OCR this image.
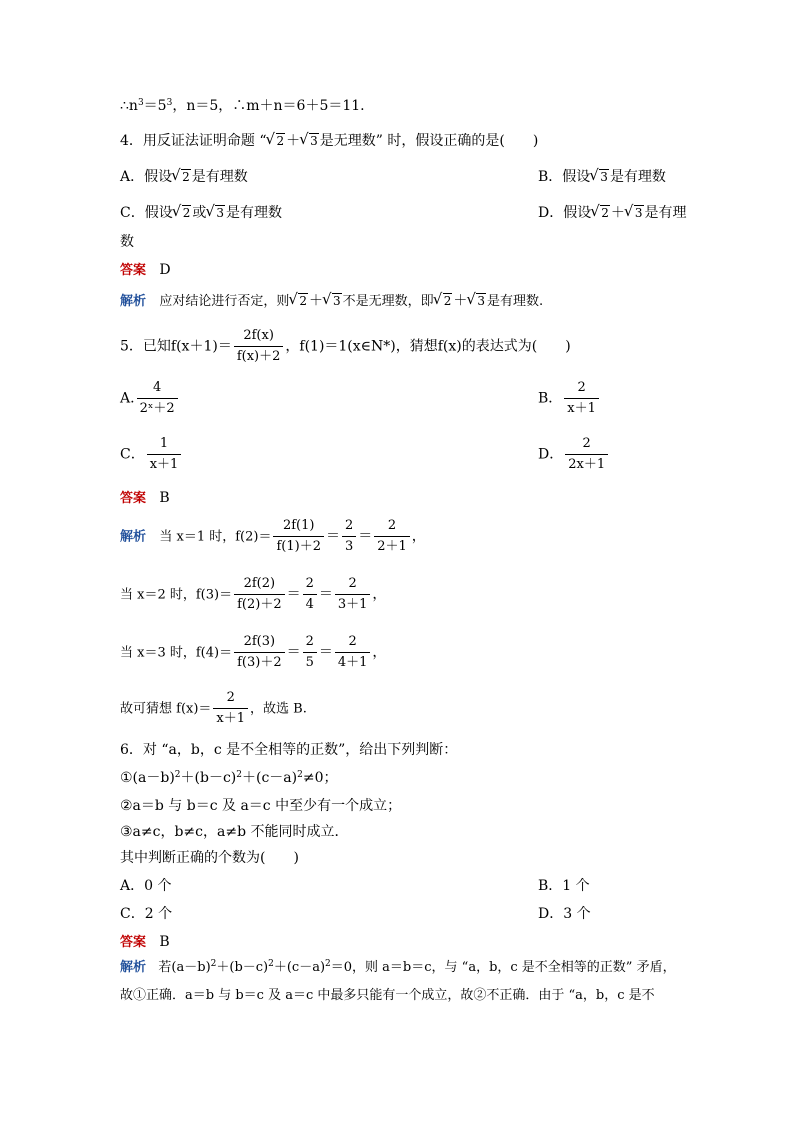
$\therefore n^3=5^3$，n＝5，∴m＋n＝6＋5＝11.
4．用反证法证明命题 “ √ 2 ＋ √ 3 是无理数” 时，假设正确的是(　　)
A．假设 √ 2 是有理数	B．假设 √ 3 是有理数
C．假设 √ 2 或 √ 3 是有理数	D．假设 √ 2 ＋ √ 3 是有理
数
答案 D
解析 应对结论进行否定，则 √ 2 ＋ √ 3 不是无理数，即 √ 2 ＋ √ 3 是有理数.
5．已知$f(x+1)= \frac{2f(x)}{f(x)+2}$ ，f(1)＝1(x∈N*)，猜想f(x)的表达式为(　　)
A. $\frac{4}{\text{2ˣ＋2}}$	B． $\frac{2}{x+1}$
C． $\frac{1}{x+1}$	D． $\frac{2}{2x+1}$
答案 B
解析 当 x＝1 时，$f(2)= \frac{2f(1)}{f(1)+2} = \frac{2}{3} = \frac{2}{2+1}$ ，
当 x＝2 时，$f(3)= \frac{2f(2)}{f(2)+2} = \frac{2}{4} = \frac{2}{3+1}$ ，
当 x＝3 时，$f(4)= \frac{2f(3)}{f(3)+2} = \frac{2}{5} = \frac{2}{4+1}$ ，
故可猜想 $f(x)= \frac{2}{x+1}$ ，故选 B.
6．对 “a，b，c 是不全相等的正数”，给出下列判断：
$①(a-b)^2+(b-c)^2+(c-a)^2\ne 0$；
②a＝b 与 b＝c 及 a＝c 中至少有一个成立；
③a≠c，b≠c，a≠b 不能同时成立．
其中判断正确的个数为(　　)
A．0 个	B．1 个
C．2 个	D．3 个
答案 B
解析 若$(a-b)^2+(b-c)^2+(c-a)^2=0$，则 a＝b＝c，与 “a，b，c 是不全相等的正数” 矛盾，
故①正确．a＝b 与 b＝c 及 a＝c 中最多只能有一个成立，故②不正确．由于 “a，b，c 是不
